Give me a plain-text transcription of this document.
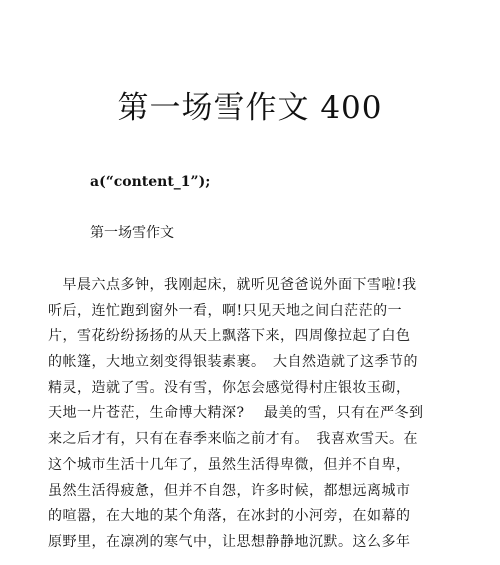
第一场雪作文 400
a(“content_1”);
第一场雪作文
　早晨六点多钟，我刚起床，就听见爸爸说外面下雪啦!我
听后，连忙跑到窗外一看，啊!只见天地之间白茫茫的一
片，雪花纷纷扬扬的从天上飘落下来，四周像拉起了白色
的帐篷，大地立刻变得银装素裹。　大自然造就了这季节的
精灵，造就了雪。没有雪，你怎会感觉得村庄银妆玉砌，
天地一片苍茫，生命博大精深?　 最美的雪，只有在严冬到
来之后才有，只有在春季来临之前才有。　我喜欢雪天。在
这个城市生活十几年了，虽然生活得卑微，但并不自卑，
虽然生活得疲惫，但并不自怨，许多时候，都想远离城市
的喧嚣，在大地的某个角落，在冰封的小河旁，在如幕的
原野里，在凛冽的寒气中，让思想静静地沉默。这么多年
